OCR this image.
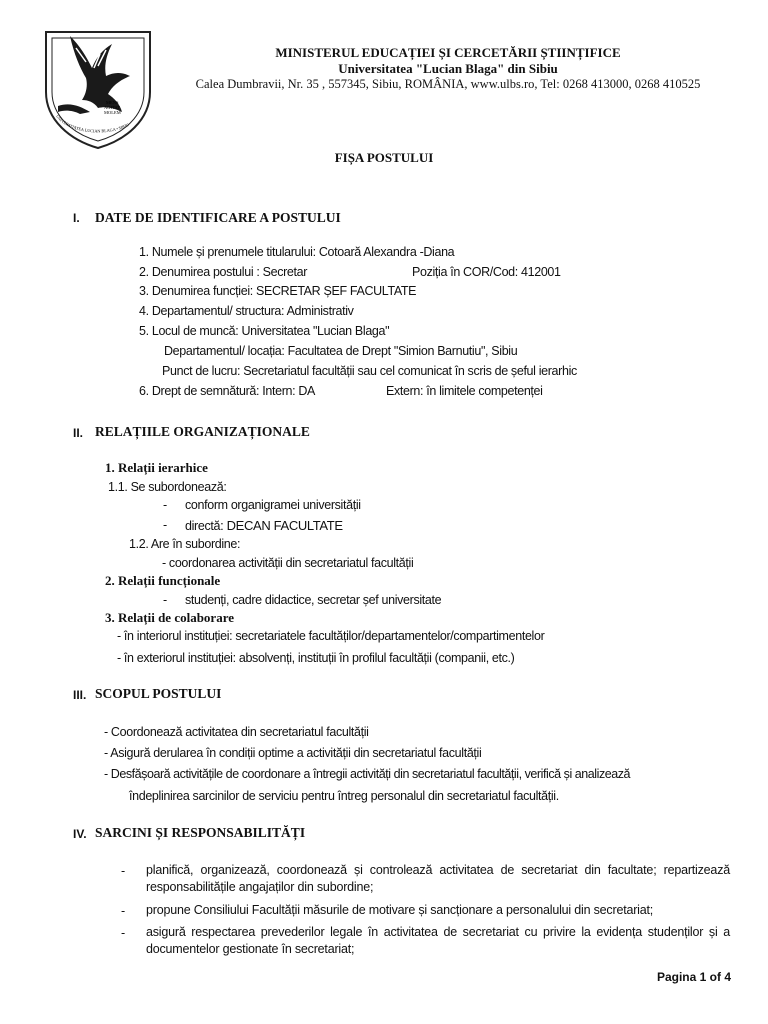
MENS
AGITAT
MOLEM
UNIVERSITATEA LUCIAN BLAGA • SIBIU
MINISTERUL EDUCAȚIEI ȘI CERCETĂRII ȘTIINȚIFICE
Universitatea "Lucian Blaga" din Sibiu
Calea Dumbravii, Nr. 35 , 557345, Sibiu, ROMÂNIA, www.ulbs.ro, Tel: 0268 413000, 0268 410525
FIȘA POSTULUI
I. DATE DE IDENTIFICARE A POSTULUI
1. Numele și prenumele titularului: Cotoară Alexandra -Diana
2. Denumirea postului : Secretar	Poziția în COR/Cod: 412001
3. Denumirea funcției: SECRETAR ȘEF FACULTATE
4. Departamentul/ structura: Administrativ
5. Locul de muncă: Universitatea "Lucian Blaga"
Departamentul/ locația: Facultatea de Drept "Simion Barnutiu", Sibiu
Punct de lucru: Secretariatul facultății sau cel comunicat în scris de șeful ierarhic
6. Drept de semnătură: Intern: DA	Extern: în limitele competenței
II. RELAȚIILE ORGANIZAȚIONALE
1. Relații ierarhice
1.1. Se subordonează:
- conform organigramei universității
- directă: DECAN FACULTATE
1.2. Are în subordine:
- coordonarea activității din secretariatul facultății
2. Relații funcționale
- studenți, cadre didactice, secretar șef universitate
3. Relații de colaborare
- în interiorul instituției: secretariatele facultăților/departamentelor/compartimentelor
- în exteriorul instituției: absolvenți, instituții în profilul facultății (companii, etc.)
III. SCOPUL POSTULUI
- Coordonează activitatea din secretariatul facultății
- Asigură derularea în condiții optime a activității din secretariatul facultății
- Desfășoară activitățile de coordonare a întregii activități din secretariatul facultății, verifică și analizează
îndeplinirea sarcinilor de serviciu pentru întreg personalul din secretariatul facultății.
IV. SARCINI ȘI RESPONSABILITĂȚI
- planifică, organizează, coordonează și controlează activitatea de secretariat din facultate; repartizează responsabilitățile angajaților din subordine;
- propune Consiliului Facultății măsurile de motivare și sancționare a personalului din secretariat;
- asigură respectarea prevederilor legale în activitatea de secretariat cu privire la evidența studenților și a documentelor gestionate în secretariat;
Pagina 1 of 4
